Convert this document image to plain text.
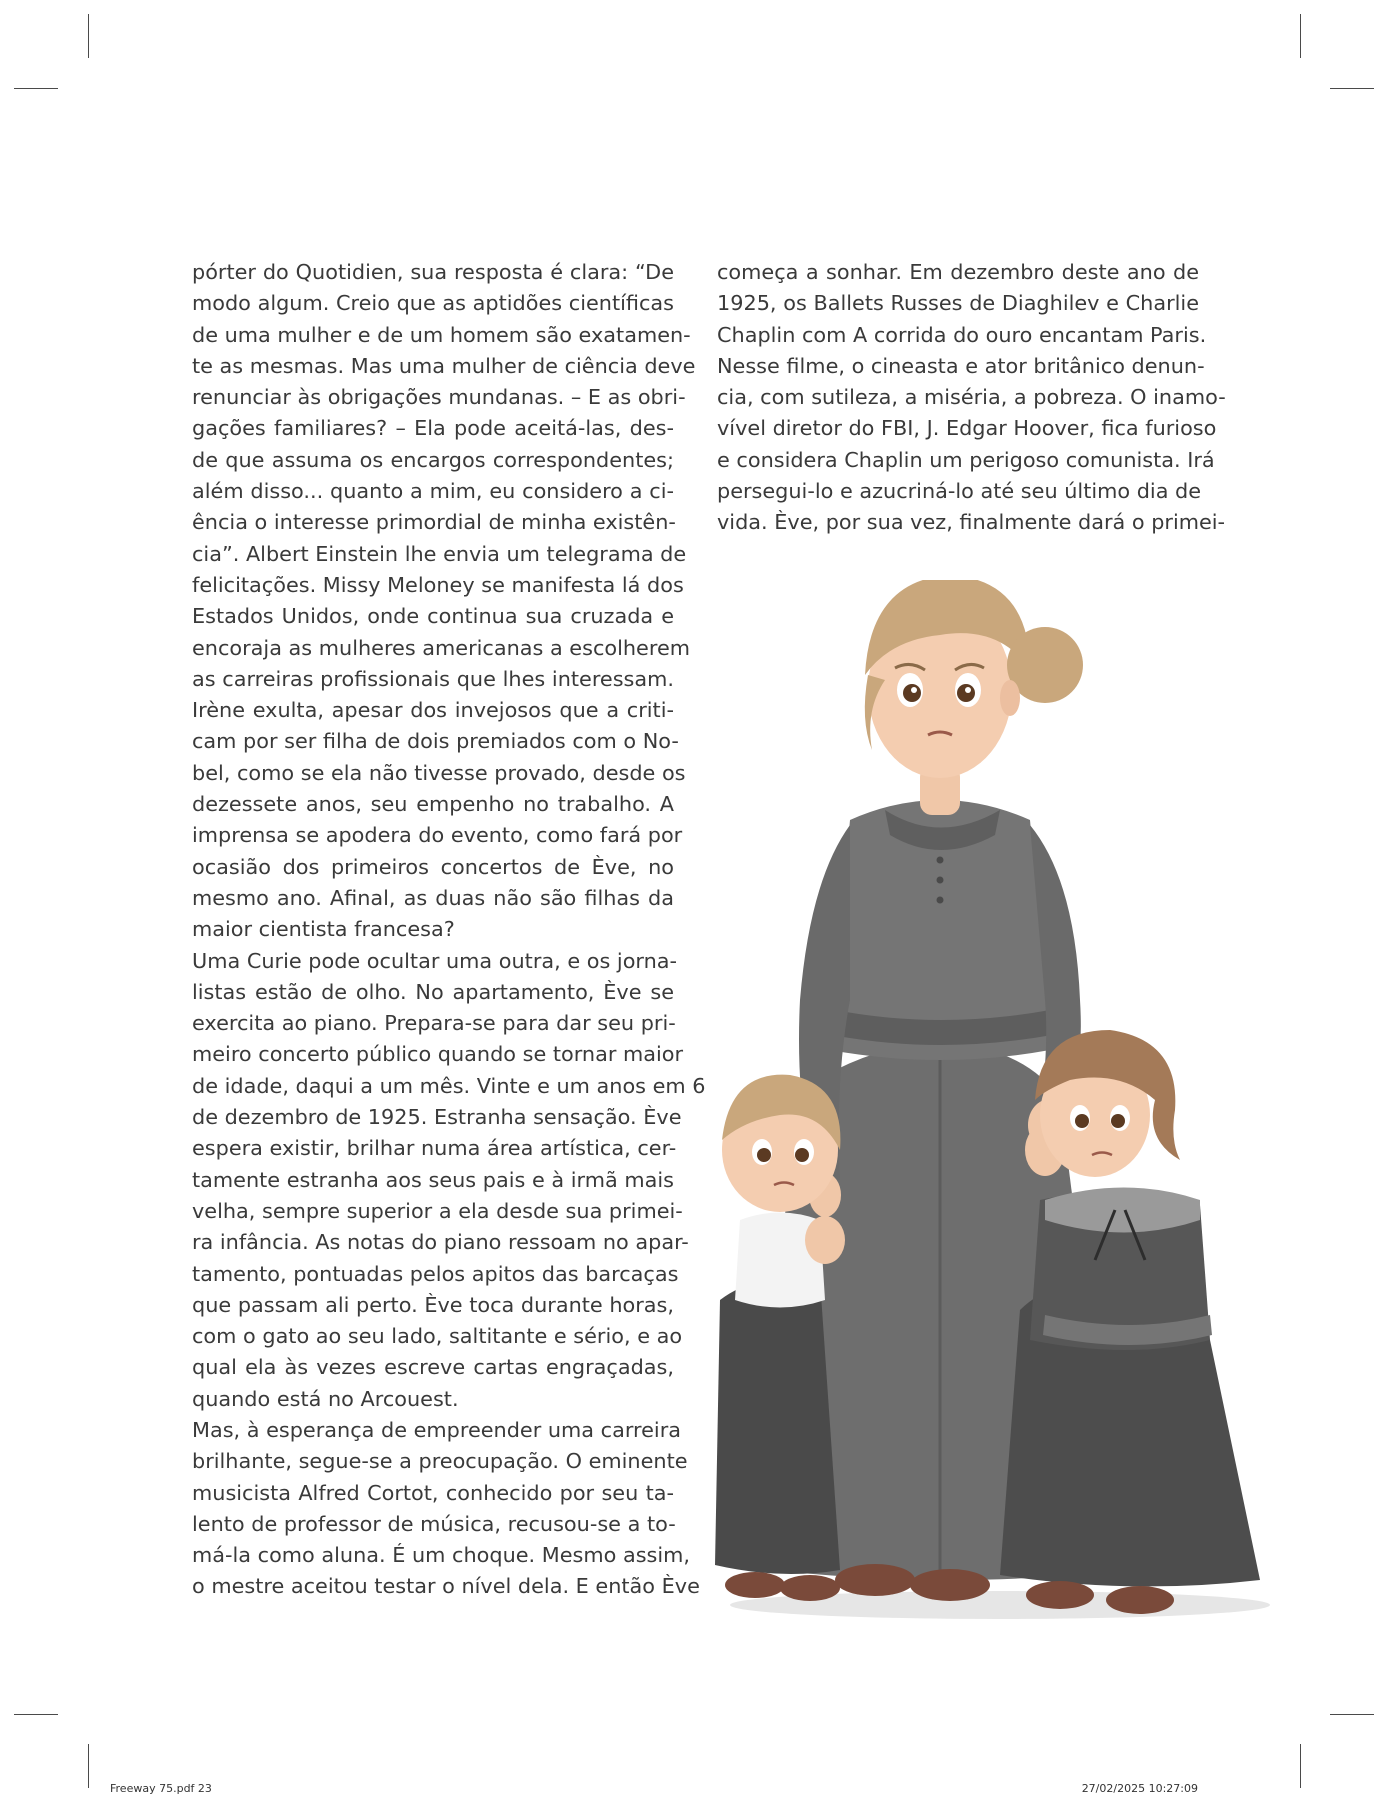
pórter do Quotidien, sua resposta é clara: “De
modo algum. Creio que as aptidões científicas
de uma mulher e de um homem são exatamen-
te as mesmas. Mas uma mulher de ciência deve
renunciar às obrigações mundanas. – E as obri-
gações familiares? – Ela pode aceitá-las, des-
de que assuma os encargos correspondentes;
além disso... quanto a mim, eu considero a ci-
ência o interesse primordial de minha existên-
cia”. Albert Einstein lhe envia um telegrama de
felicitações. Missy Meloney se manifesta lá dos
Estados Unidos, onde continua sua cruzada e
encoraja as mulheres americanas a escolherem
as carreiras profissionais que lhes interessam.
Irène exulta, apesar dos invejosos que a criti-
cam por ser filha de dois premiados com o No-
bel, como se ela não tivesse provado, desde os
dezessete anos, seu empenho no trabalho. A
imprensa se apodera do evento, como fará por
ocasião dos primeiros concertos de Ève, no
mesmo ano. Afinal, as duas não são filhas da
maior cientista francesa?
Uma Curie pode ocultar uma outra, e os jorna-
listas estão de olho. No apartamento, Ève se
exercita ao piano. Prepara-se para dar seu pri-
meiro concerto público quando se tornar maior
de idade, daqui a um mês. Vinte e um anos em 6
de dezembro de 1925. Estranha sensação. Ève
espera existir, brilhar numa área artística, cer-
tamente estranha aos seus pais e à irmã mais
velha, sempre superior a ela desde sua primei-
ra infância. As notas do piano ressoam no apar-
tamento, pontuadas pelos apitos das barcaças
que passam ali perto. Ève toca durante horas,
com o gato ao seu lado, saltitante e sério, e ao
qual ela às vezes escreve cartas engraçadas,
quando está no Arcouest.
Mas, à esperança de empreender uma carreira
brilhante, segue-se a preocupação. O eminente
musicista Alfred Cortot, conhecido por seu ta-
lento de professor de música, recusou-se a to-
má-la como aluna. É um choque. Mesmo assim,
o mestre aceitou testar o nível dela. E então Ève
começa a sonhar. Em dezembro deste ano de
1925, os Ballets Russes de Diaghilev e Charlie
Chaplin com A corrida do ouro encantam Paris.
Nesse filme, o cineasta e ator britânico denun-
cia, com sutileza, a miséria, a pobreza. O inamo-
vível diretor do FBI, J. Edgar Hoover, fica furioso
e considera Chaplin um perigoso comunista. Irá
persegui-lo e azucriná-lo até seu último dia de
vida. Ève, por sua vez, finalmente dará o primei-
Freeway 75.pdf 23	27/02/2025 10:27:09
